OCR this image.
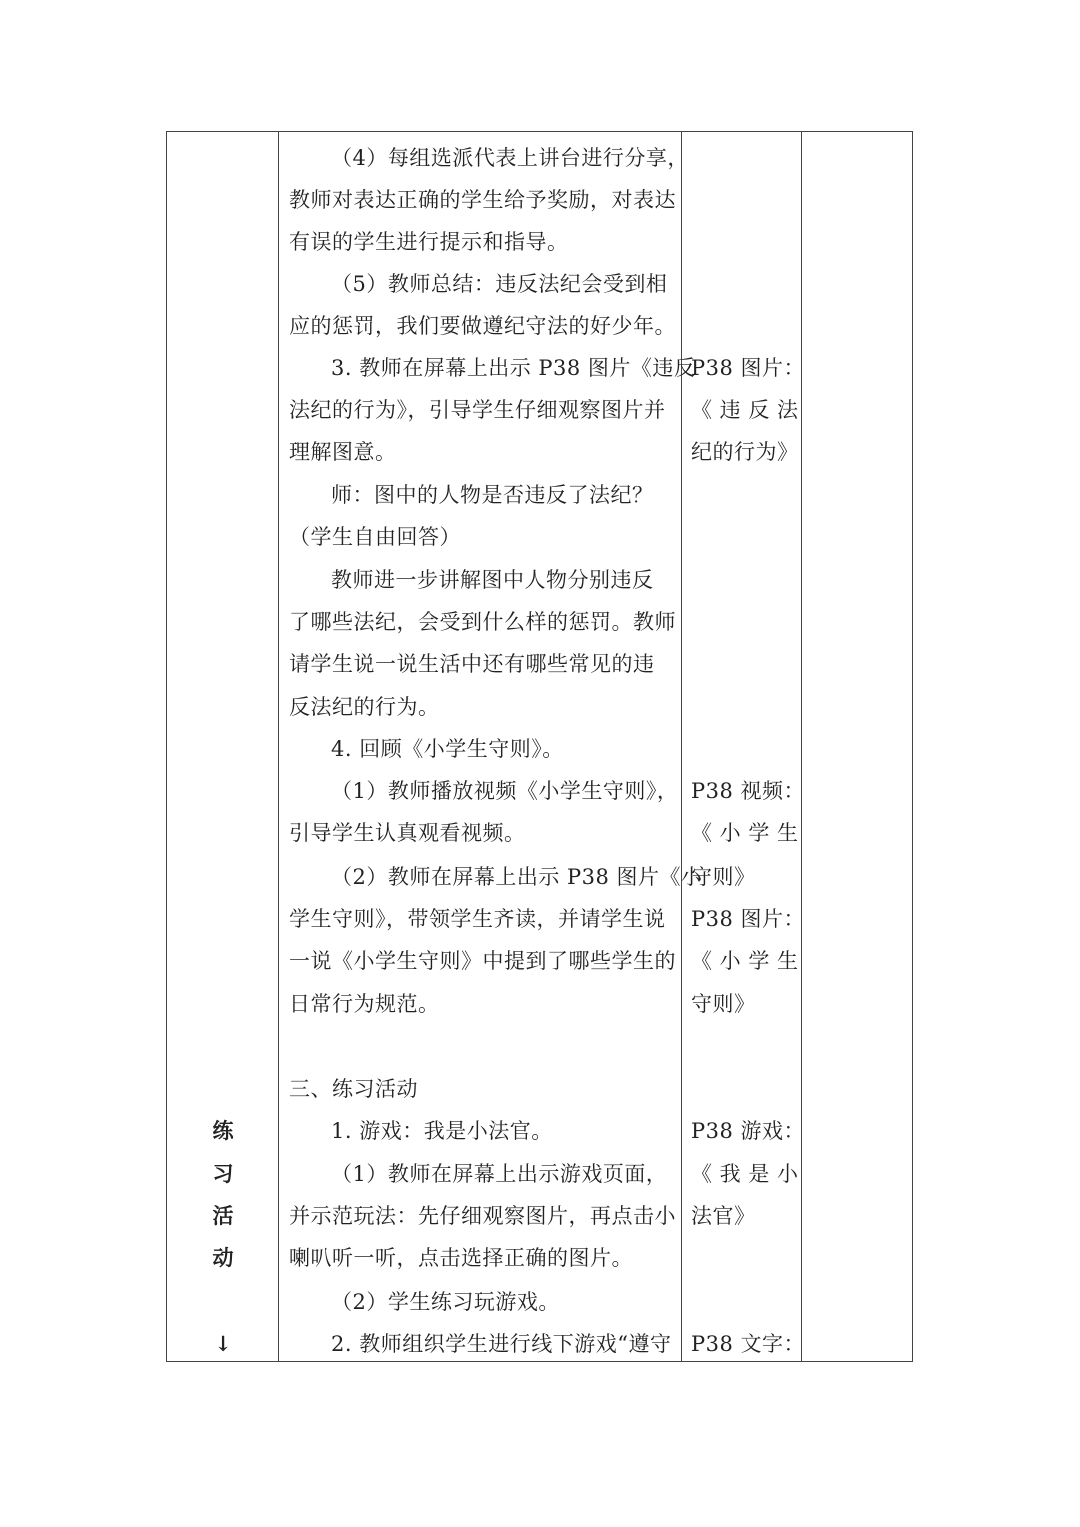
（4）每组选派代表上讲台进行分享，
教师对表达正确的学生给予奖励，对表达
有误的学生进行提示和指导。
（5）教师总结：违反法纪会受到相
应的惩罚，我们要做遵纪守法的好少年。
3. 教师在屏幕上出示 P38 图片《违反
法纪的行为》，引导学生仔细观察图片并
理解图意。
师：图中的人物是否违反了法纪？
（学生自由回答）
教师进一步讲解图中人物分别违反
了哪些法纪，会受到什么样的惩罚。教师
请学生说一说生活中还有哪些常见的违
反法纪的行为。
4. 回顾《小学生守则》。
（1）教师播放视频《小学生守则》，
引导学生认真观看视频。
（2）教师在屏幕上出示 P38 图片《小
学生守则》，带领学生齐读，并请学生说
一说《小学生守则》中提到了哪些学生的
日常行为规范。
三、练习活动
1. 游戏：我是小法官。
（1）教师在屏幕上出示游戏页面，
并示范玩法：先仔细观察图片，再点击小
喇叭听一听，点击选择正确的图片。
（2）学生练习玩游戏。
2. 教师组织学生进行线下游戏“遵守
P38 图片：
《 违 反 法
纪的行为》
P38 视频：
《 小 学 生
守则》
P38 图片：
《 小 学 生
守则》
P38 游戏：
《 我 是 小
法官》
P38 文字：
练
习
活
动
↓
